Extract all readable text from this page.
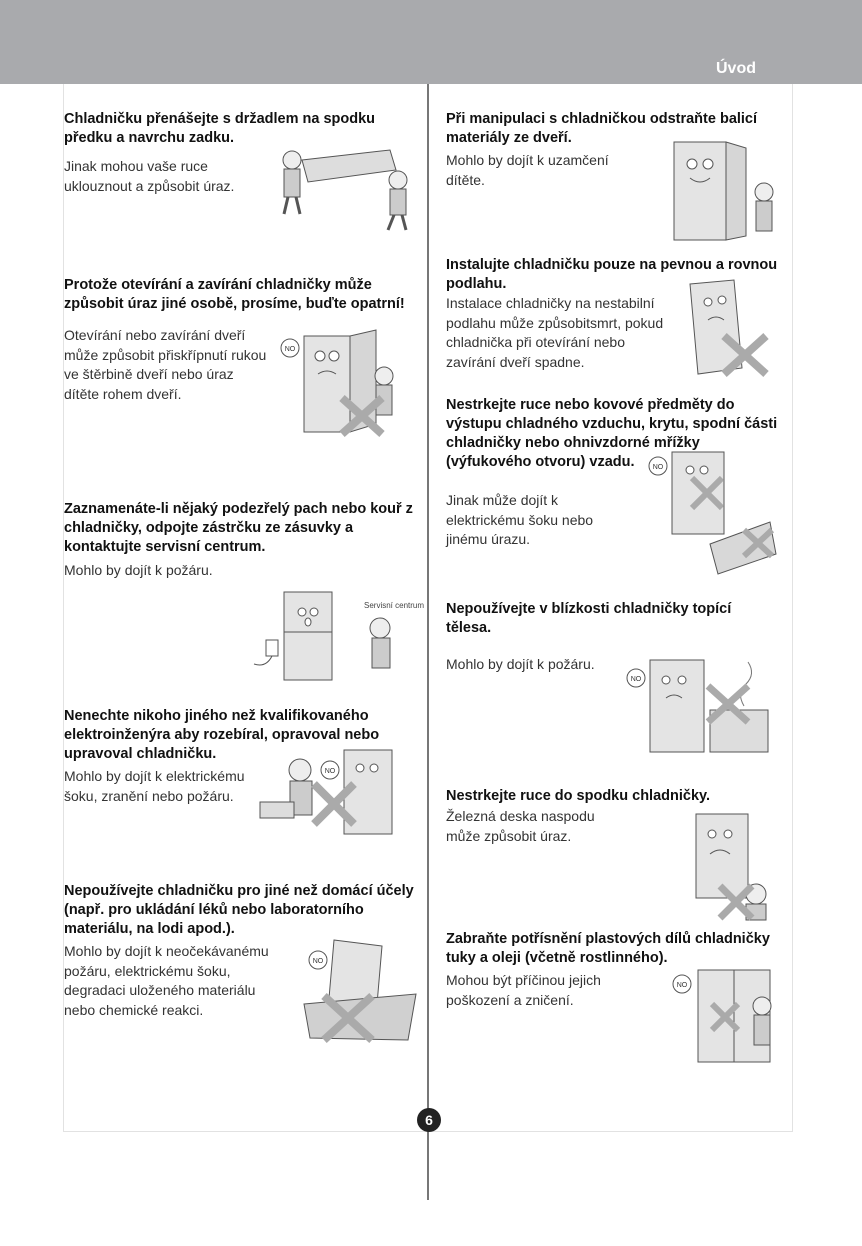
Úvod

Chladničku přenášejte s držadlem na spodku předku a navrchu zadku.

Jinak mohou vaše ruce uklouznout a způsobit úraz.

Protože otevírání a zavírání chladničky může způsobit úraz jiné osobě, prosíme, buďte opatrní!

Otevírání nebo zavírání dveří může způsobit přiskřípnutí rukou ve štěrbině dveří nebo úraz dítěte rohem dveří.

NO

Zaznamenáte-li nějaký podezřelý pach nebo kouř z chladničky, odpojte zástrčku ze zásuvky a kontaktujte servisní centrum.

Mohlo by dojít k požáru.

Servisní centrum

Nenechte nikoho jiného než kvalifikovaného elektroinženýra aby rozebíral, opravoval nebo upravoval chladničku.

Mohlo by dojít k elektrickému šoku, zranění nebo požáru.

NO

Nepoužívejte chladničku pro jiné než domácí účely (např. pro ukládání léků nebo laboratorního materiálu, na lodi apod.).

Mohlo by dojít k neočekávanému požáru, elektrickému šoku, degradaci uloženého materiálu nebo chemické reakci.

NO

Při manipulaci s chladničkou odstraňte balicí materiály ze dveří.

Mohlo by dojít k uzamčení dítěte.

Instalujte chladničku pouze na pevnou a rovnou podlahu.

Instalace chladničky na nestabilní podlahu může způsobitsmrt, pokud chladnička při otevírání nebo zavírání dveří spadne.

Nestrkejte ruce nebo kovové předměty do výstupu chladného vzduchu, krytu, spodní části chladničky nebo ohnivzdorné mřížky (výfukového otvoru) vzadu.

Jinak může dojít k elektrickému šoku nebo jinému úrazu.

NO

Nepoužívejte v blízkosti chladničky topící tělesa.

Mohlo by dojít k požáru.

NO

Nestrkejte ruce do spodku chladničky.

Železná deska naspodu může způsobit úraz.

Zabraňte potřísnění plastových dílů chladničky tuky a oleji (včetně rostlinného).

Mohou být příčinou jejich poškození a zničení.

NO
6
